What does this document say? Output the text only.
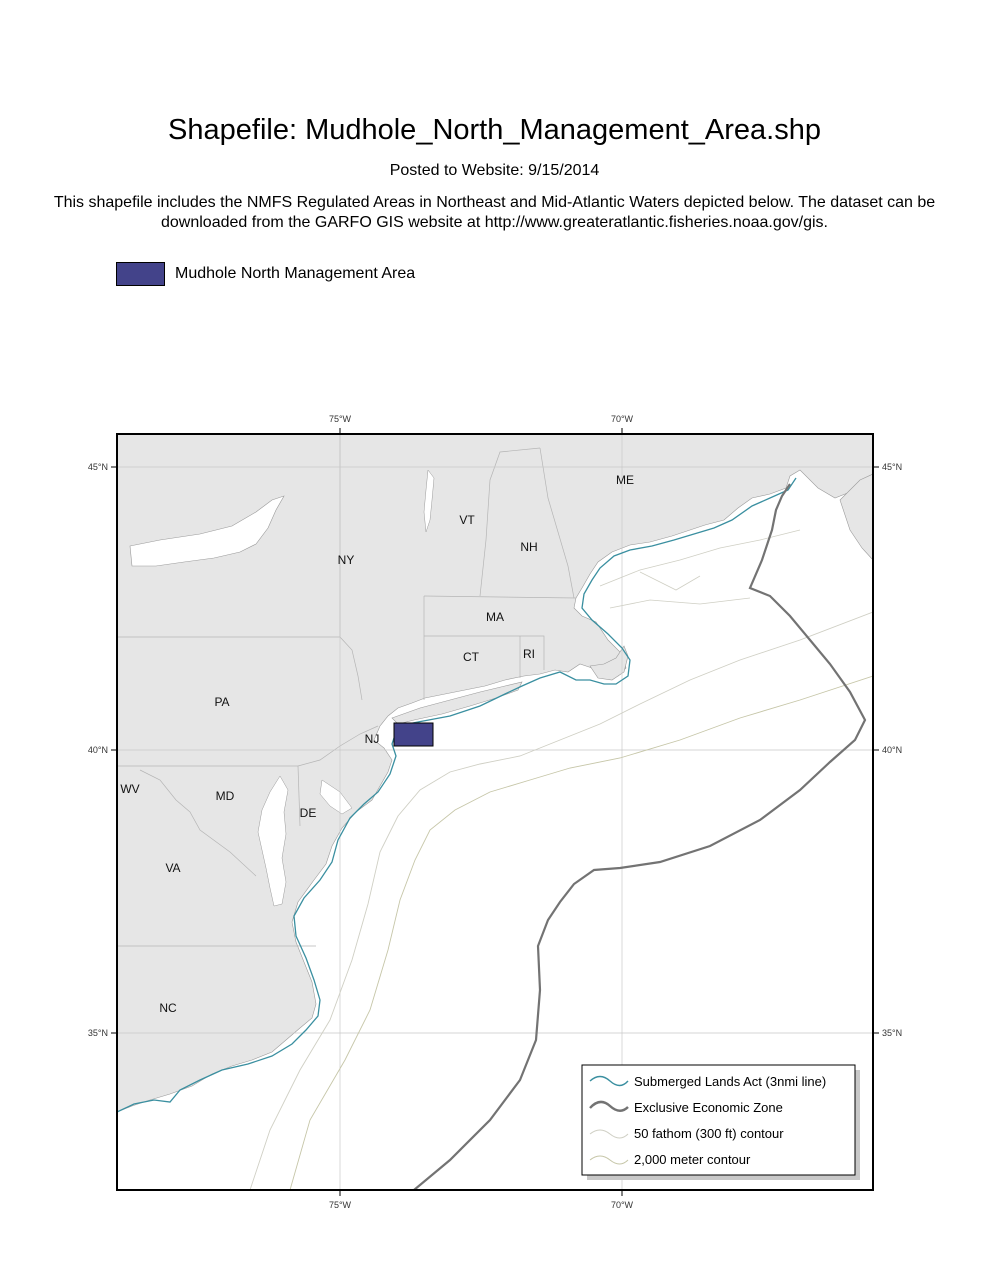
Shapefile: Mudhole_North_Management_Area.shp
Posted to Website: 9/15/2014
This shapefile includes the NMFS Regulated Areas in Northeast and Mid-Atlantic Waters depicted below. The dataset can be downloaded from the GARFO GIS website at http://www.greateratlantic.fisheries.noaa.gov/gis.
Mudhole North Management Area
75°W	70°W
75°W	70°W
45°N
40°N
35°N
45°N
40°N
35°N
ME
VT
NH
NY
MA
CT	RI
PA
NJ
WV	MD
DE
VA
NC
Submerged Lands Act (3nmi line)
Exclusive Economic Zone
50 fathom (300 ft) contour
2,000 meter contour
